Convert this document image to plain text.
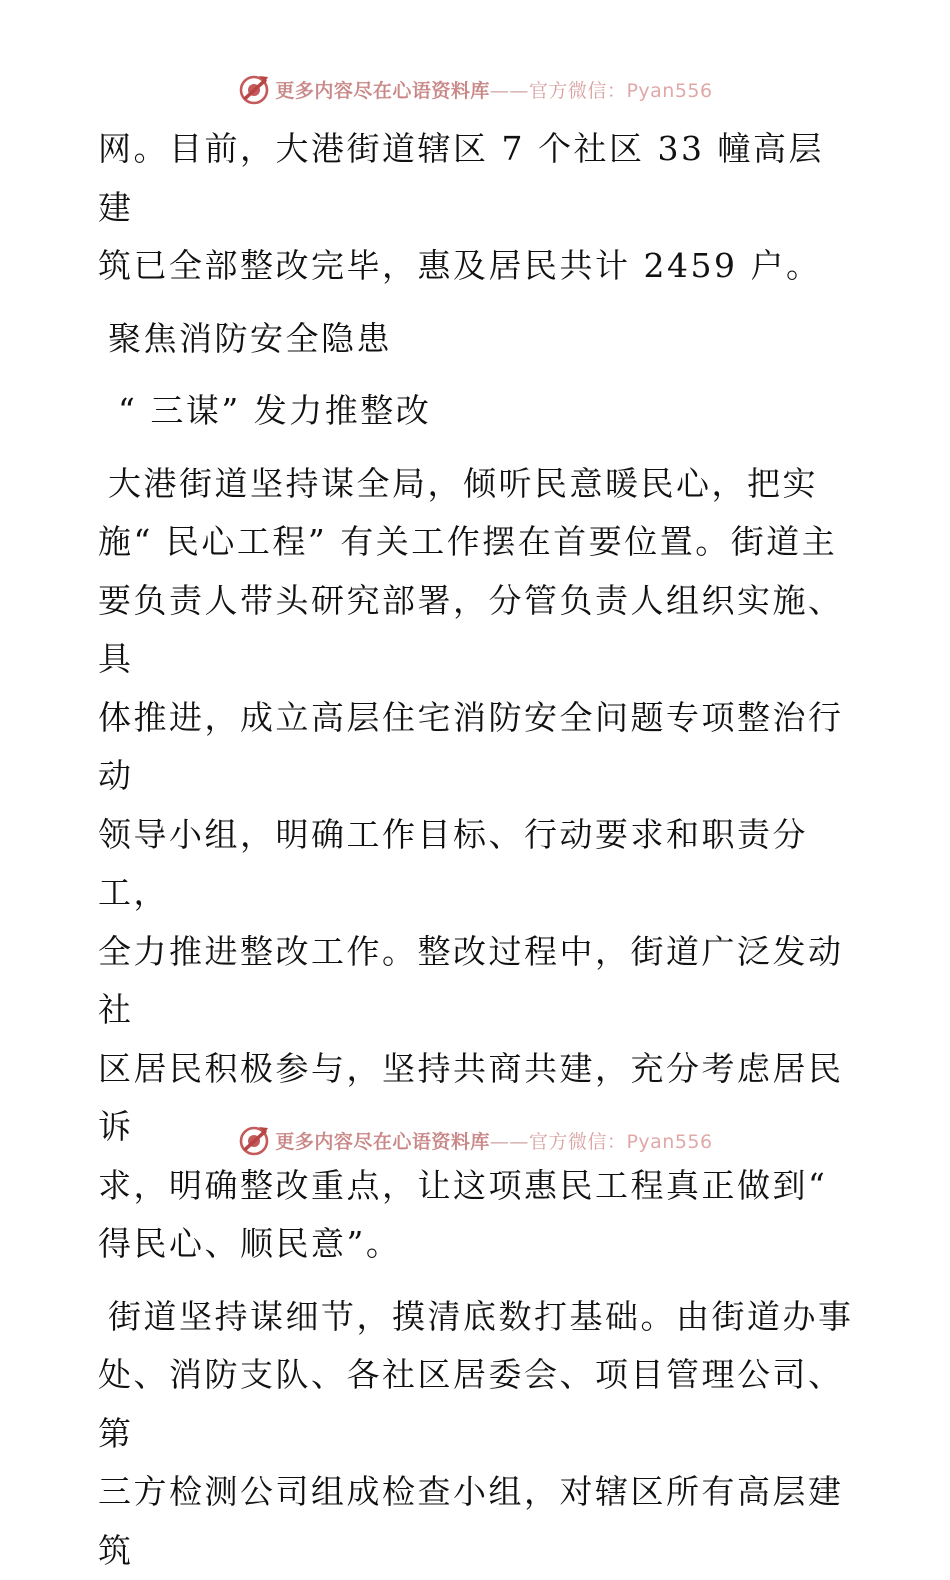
更多内容尽在心语资料库——官方微信：Pyan556

网。目前，大港街道辖区 7 个社区 33 幢高层建

筑已全部整改完毕，惠及居民共计 2459 户。

聚焦消防安全隐患

“ 三谋” 发力推整改

大港街道坚持谋全局，倾听民意暖民心，把实

施“ 民心工程” 有关工作摆在首要位置。街道主

要负责人带头研究部署，分管负责人组织实施、具

体推进，成立高层住宅消防安全问题专项整治行动

领导小组，明确工作目标、行动要求和职责分工，

全力推进整改工作。整改过程中，街道广泛发动社

区居民积极参与，坚持共商共建，充分考虑居民诉

求，明确整改重点，让这项惠民工程真正做到“

得民心、顺民意”。

街道坚持谋细节，摸清底数打基础。由街道办事

处、消防支队、各社区居委会、项目管理公司、第

三方检测公司组成检查小组，对辖区所有高层建筑

更多内容尽在心语资料库——官方微信：Pyan556
